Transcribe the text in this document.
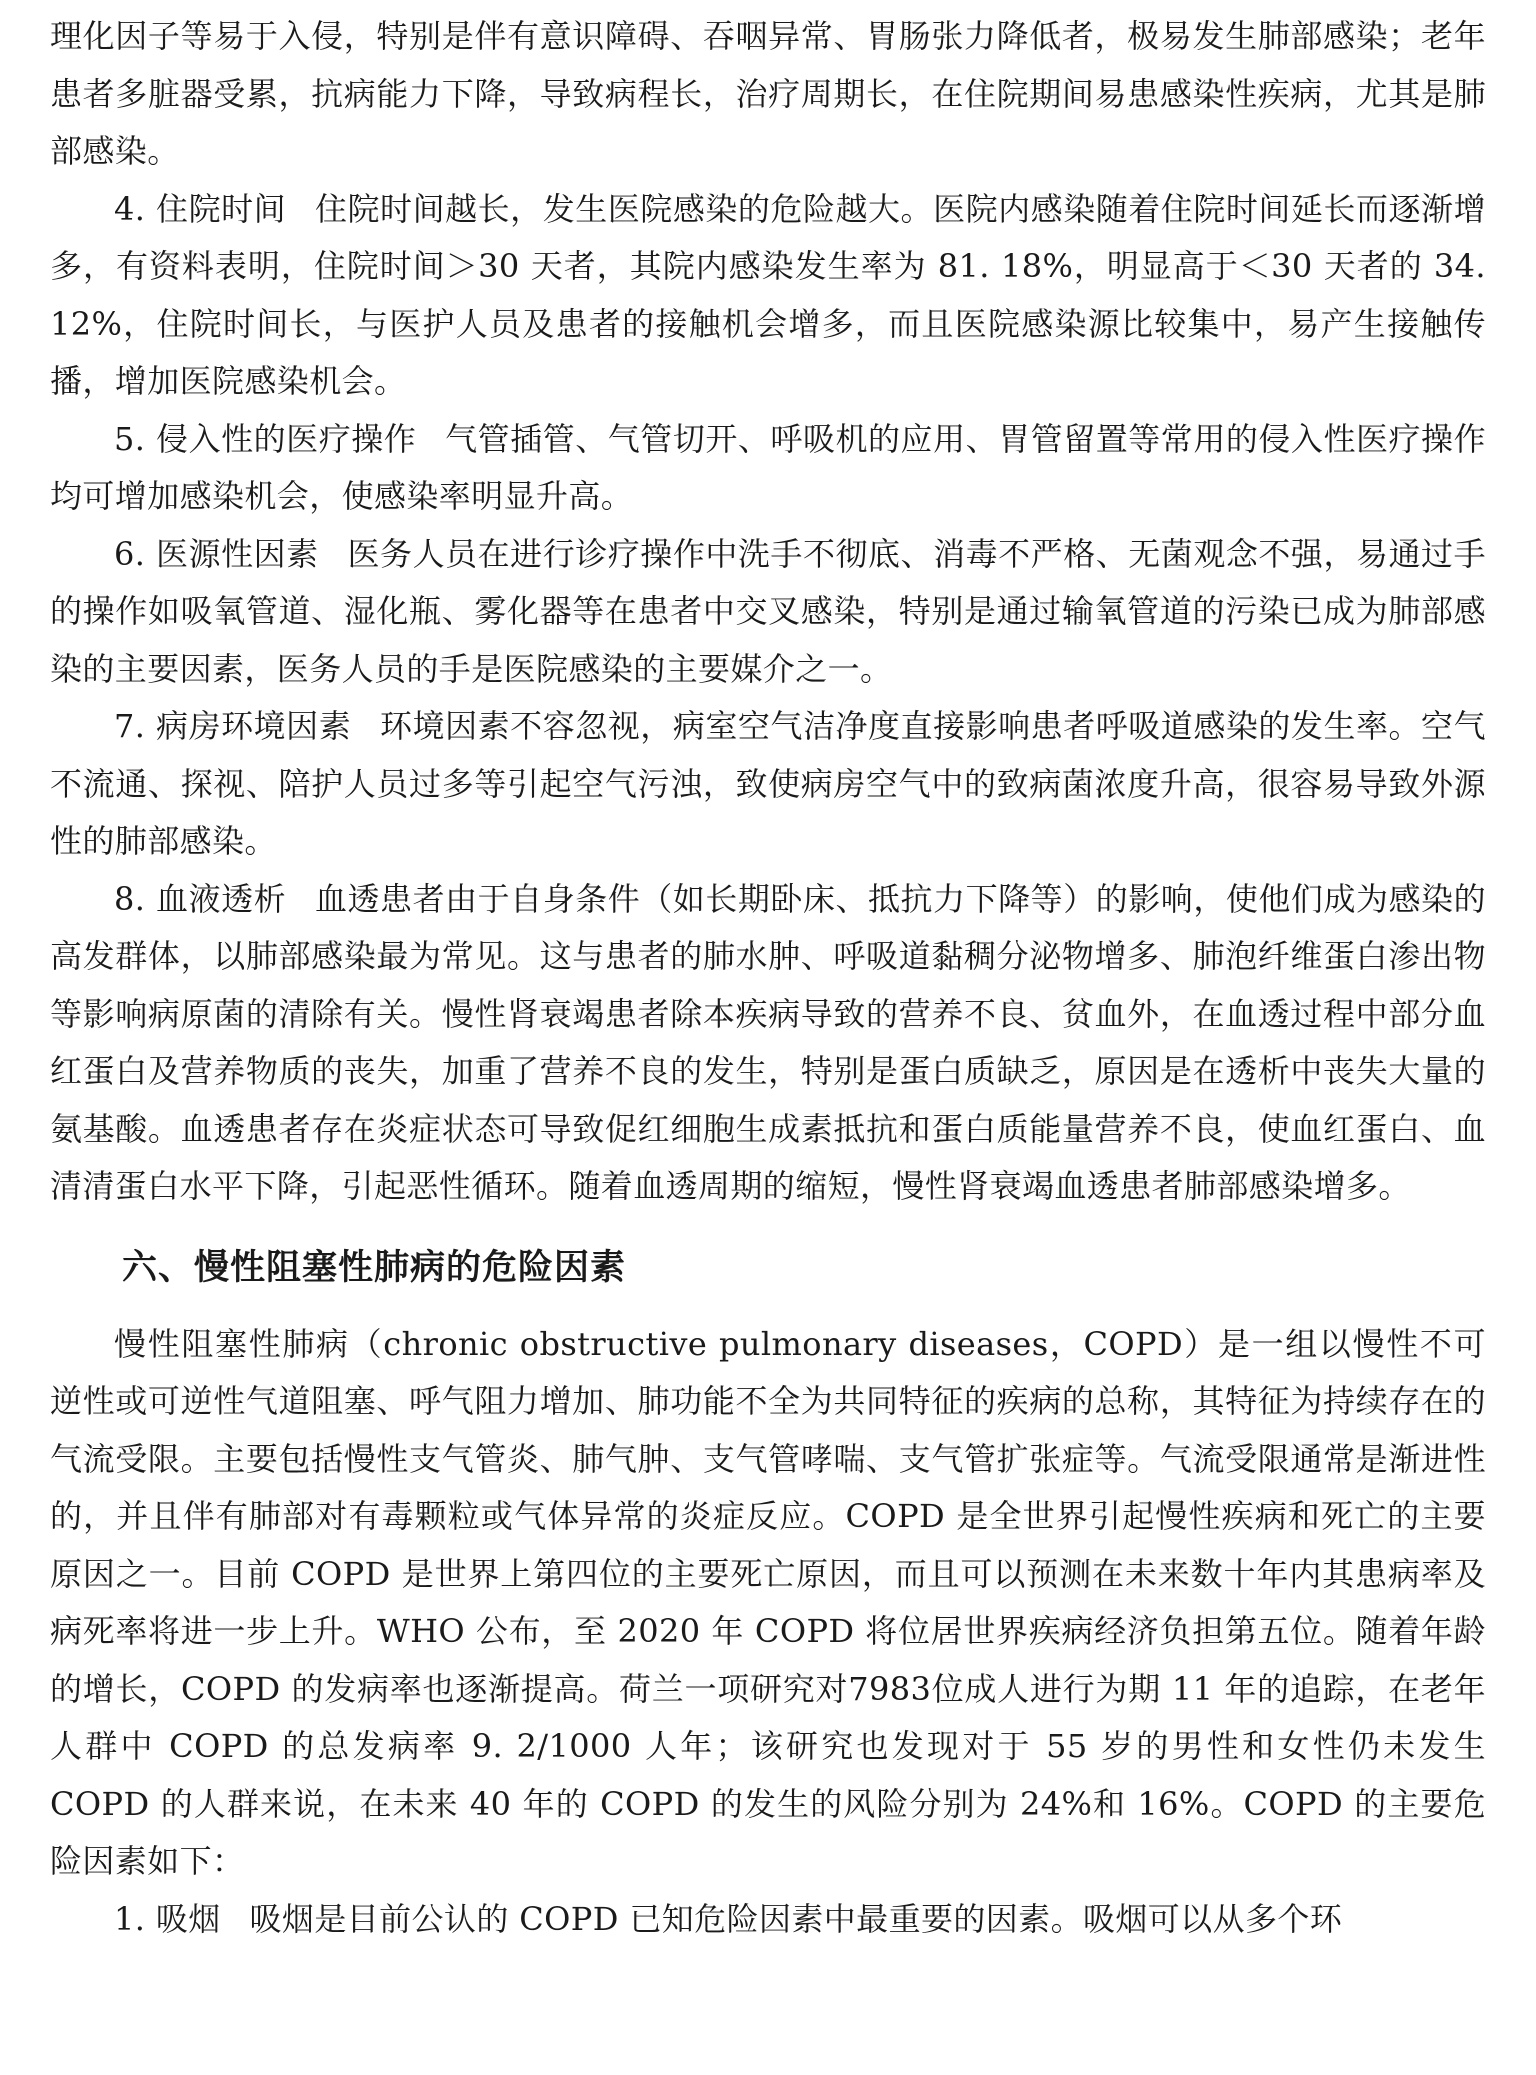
理化因子等易于入侵，特别是伴有意识障碍、吞咽异常、胃肠张力降低者，极易发生肺部感染；老年患者多脏器受累，抗病能力下降，导致病程长，治疗周期长，在住院期间易患感染性疾病，尤其是肺部感染。

4. 住院时间 住院时间越长，发生医院感染的危险越大。医院内感染随着住院时间延长而逐渐增多，有资料表明，住院时间＞30 天者，其院内感染发生率为 81. 18%，明显高于＜30 天者的 34. 12%，住院时间长，与医护人员及患者的接触机会增多，而且医院感染源比较集中，易产生接触传播，增加医院感染机会。

5. 侵入性的医疗操作 气管插管、气管切开、呼吸机的应用、胃管留置等常用的侵入性医疗操作均可增加感染机会，使感染率明显升高。

6. 医源性因素 医务人员在进行诊疗操作中洗手不彻底、消毒不严格、无菌观念不强，易通过手的操作如吸氧管道、湿化瓶、雾化器等在患者中交叉感染，特别是通过输氧管道的污染已成为肺部感染的主要因素，医务人员的手是医院感染的主要媒介之一。

7. 病房环境因素 环境因素不容忽视，病室空气洁净度直接影响患者呼吸道感染的发生率。空气不流通、探视、陪护人员过多等引起空气污浊，致使病房空气中的致病菌浓度升高，很容易导致外源性的肺部感染。

8. 血液透析 血透患者由于自身条件（如长期卧床、抵抗力下降等）的影响，使他们成为感染的高发群体，以肺部感染最为常见。这与患者的肺水肿、呼吸道黏稠分泌物增多、肺泡纤维蛋白渗出物等影响病原菌的清除有关。慢性肾衰竭患者除本疾病导致的营养不良、贫血外，在血透过程中部分血红蛋白及营养物质的丧失，加重了营养不良的发生，特别是蛋白质缺乏，原因是在透析中丧失大量的氨基酸。血透患者存在炎症状态可导致促红细胞生成素抵抗和蛋白质能量营养不良，使血红蛋白、血清清蛋白水平下降，引起恶性循环。随着血透周期的缩短，慢性肾衰竭血透患者肺部感染增多。

六、慢性阻塞性肺病的危险因素

慢性阻塞性肺病（chronic obstructive pulmonary diseases，COPD）是一组以慢性不可逆性或可逆性气道阻塞、呼气阻力增加、肺功能不全为共同特征的疾病的总称，其特征为持续存在的气流受限。主要包括慢性支气管炎、肺气肿、支气管哮喘、支气管扩张症等。气流受限通常是渐进性的，并且伴有肺部对有毒颗粒或气体异常的炎症反应。COPD 是全世界引起慢性疾病和死亡的主要原因之一。目前 COPD 是世界上第四位的主要死亡原因，而且可以预测在未来数十年内其患病率及病死率将进一步上升。WHO 公布，至 2020 年 COPD 将位居世界疾病经济负担第五位。随着年龄的增长，COPD 的发病率也逐渐提高。荷兰一项研究对7983位成人进行为期 11 年的追踪，在老年人群中 COPD 的总发病率 9. 2/1000 人年；该研究也发现对于 55 岁的男性和女性仍未发生 COPD 的人群来说，在未来 40 年的 COPD 的发生的风险分别为 24%和 16%。COPD 的主要危险因素如下：

1. 吸烟 吸烟是目前公认的 COPD 已知危险因素中最重要的因素。吸烟可以从多个环
